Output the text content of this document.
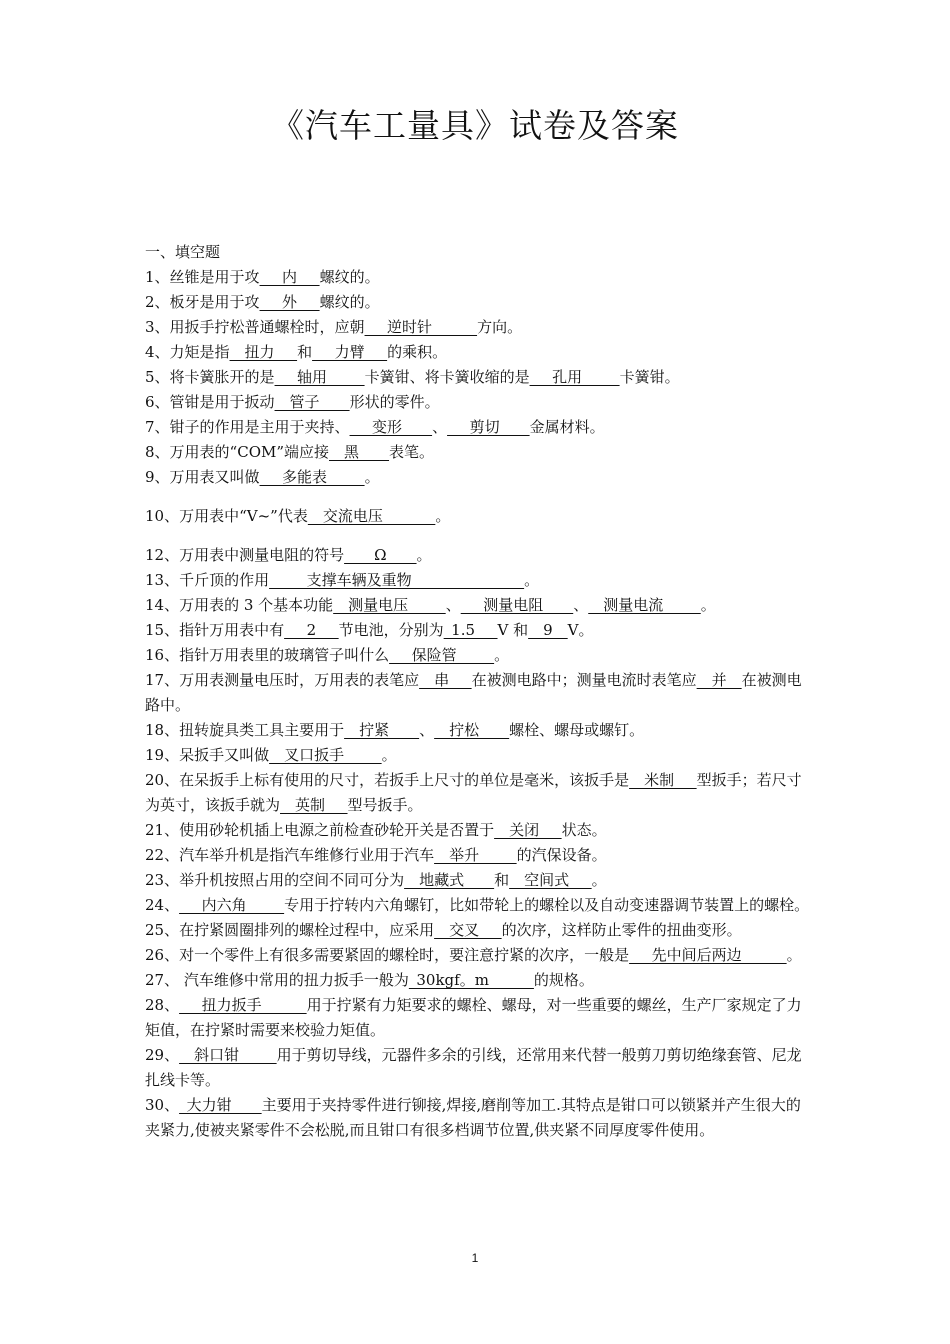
《汽车工量具》试卷及答案
一、填空题
1、丝锥是用于攻   内   螺纹的。
2、板牙是用于攻   外   螺纹的。
3、用扳手拧松普通螺栓时，应朝   逆时针      方向。
4、力矩是指  扭力   和   力臂   的乘积。
5、将卡簧胀开的是   轴用     卡簧钳、将卡簧收缩的是   孔用     卡簧钳。
6、管钳是用于扳动  管子    形状的零件。
7、钳子的作用是主用于夹持、   变形    、   剪切    金属材料。
8、万用表的“COM”端应接  黑    表笔。
9、万用表又叫做   多能表     。
10、万用表中“V~”代表  交流电压       。
12、万用表中测量电阻的符号    Ω    。
13、千斤顶的作用     支撑车辆及重物               。
14、万用表的 3 个基本功能  测量电压     、   测量电阻    、  测量电流     。
15、指针万用表中有   2   节电池，分别为 1.5   V 和  9  V。
16、指针万用表里的玻璃管子叫什么   保险管     。
17、万用表测量电压时，万用表的表笔应  串   在被测电路中；测量电流时表笔应  并  在被测电路中。
18、扭转旋具类工具主要用于  拧紧    、  拧松    螺栓、螺母或螺钉。
19、呆扳手又叫做  叉口扳手     。
20、在呆扳手上标有使用的尺寸，若扳手上尺寸的单位是毫米，该扳手是  米制   型扳手；若尺寸为英寸，该扳手就为  英制   型号扳手。
21、使用砂轮机插上电源之前检查砂轮开关是否置于  关闭   状态。
22、汽车举升机是指汽车维修行业用于汽车  举升     的汽保设备。
23、举升机按照占用的空间不同可分为  地藏式    和  空间式   。
24、   内六角     专用于拧转内六角螺钉，比如带轮上的螺栓以及自动变速器调节装置上的螺栓。
25、在拧紧圆圈排列的螺栓过程中，应采用  交叉   的次序，这样防止零件的扭曲变形。
26、对一个零件上有很多需要紧固的螺栓时，要注意拧紧的次序，一般是   先中间后两边      。
27、 汽车维修中常用的扭力扳手一般为 30kgf。m      的规格。
28、   扭力扳手      用于拧紧有力矩要求的螺栓、螺母，对一些重要的螺丝，生产厂家规定了力矩值，在拧紧时需要来校验力矩值。
29、  斜口钳     用于剪切导线，元器件多余的引线，还常用来代替一般剪刀剪切绝缘套管、尼龙扎线卡等。
30、 大力钳    主要用于夹持零件进行铆接,焊接,磨削等加工.其特点是钳口可以锁紧并产生很大的夹紧力,使被夹紧零件不会松脱,而且钳口有很多档调节位置,供夹紧不同厚度零件使用。
1
